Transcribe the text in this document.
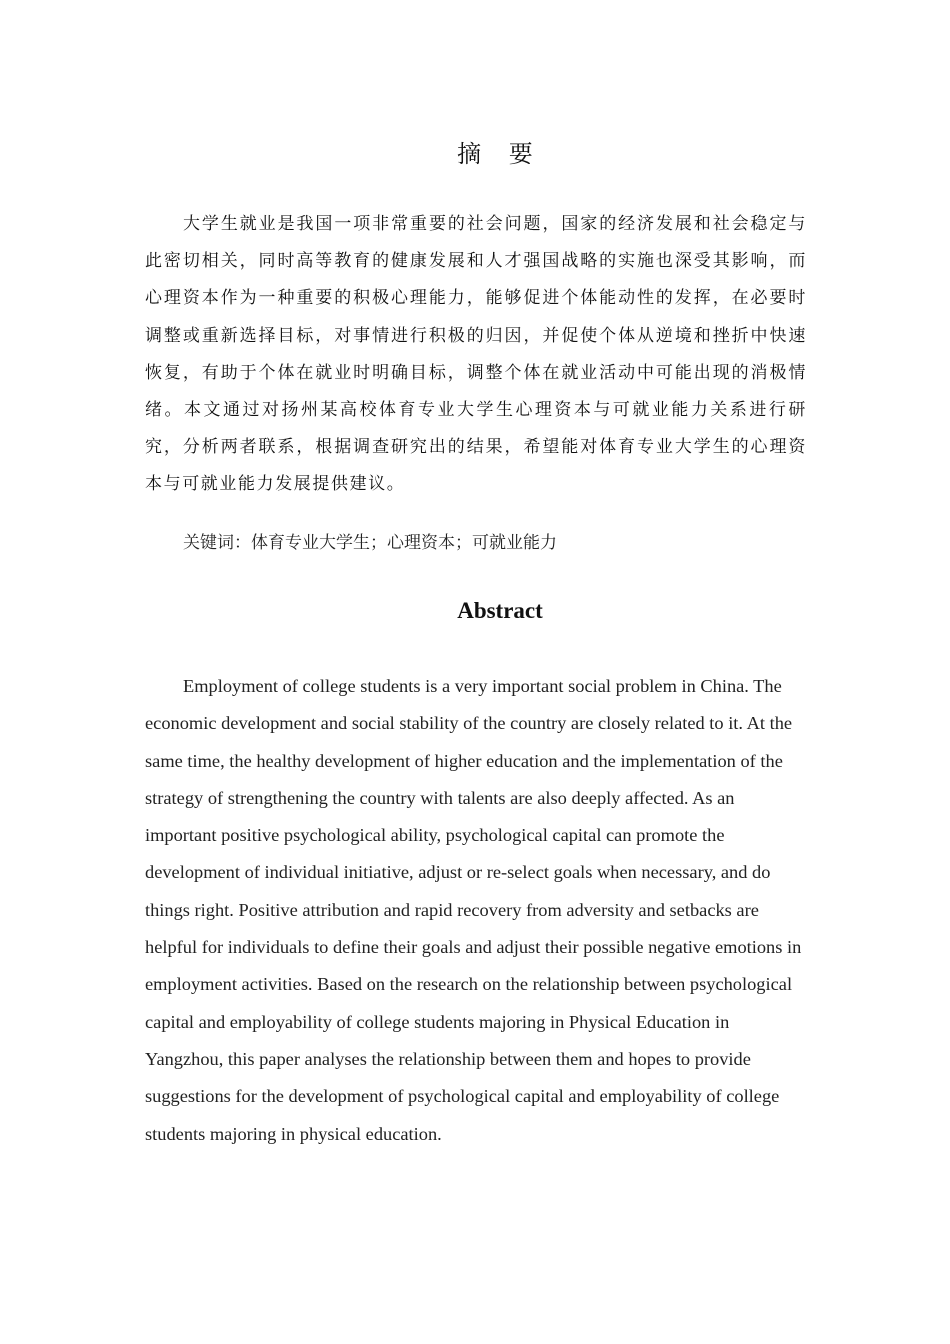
摘 要

大学生就业是我国一项非常重要的社会问题，国家的经济发展和社会稳定与此密切相关，同时高等教育的健康发展和人才强国战略的实施也深受其影响，而心理资本作为一种重要的积极心理能力，能够促进个体能动性的发挥，在必要时调整或重新选择目标，对事情进行积极的归因，并促使个体从逆境和挫折中快速恢复，有助于个体在就业时明确目标，调整个体在就业活动中可能出现的消极情绪。本文通过对扬州某高校体育专业大学生心理资本与可就业能力关系进行研究，分析两者联系，根据调查研究出的结果，希望能对体育专业大学生的心理资本与可就业能力发展提供建议。

关键词：体育专业大学生；心理资本；可就业能力
Abstract

Employment of college students is a very important social problem in China. The economic development and social stability of the country are closely related to it. At the same time, the healthy development of higher education and the implementation of the strategy of strengthening the country with talents are also deeply affected. As an important positive psychological ability, psychological capital can promote the development of individual initiative, adjust or re-select goals when necessary, and do things right. Positive attribution and rapid recovery from adversity and setbacks are helpful for individuals to define their goals and adjust their possible negative emotions in employment activities. Based on the research on the relationship between psychological capital and employability of college students majoring in Physical Education in Yangzhou, this paper analyses the relationship between them and hopes to provide suggestions for the development of psychological capital and employability of college students majoring in physical education.
